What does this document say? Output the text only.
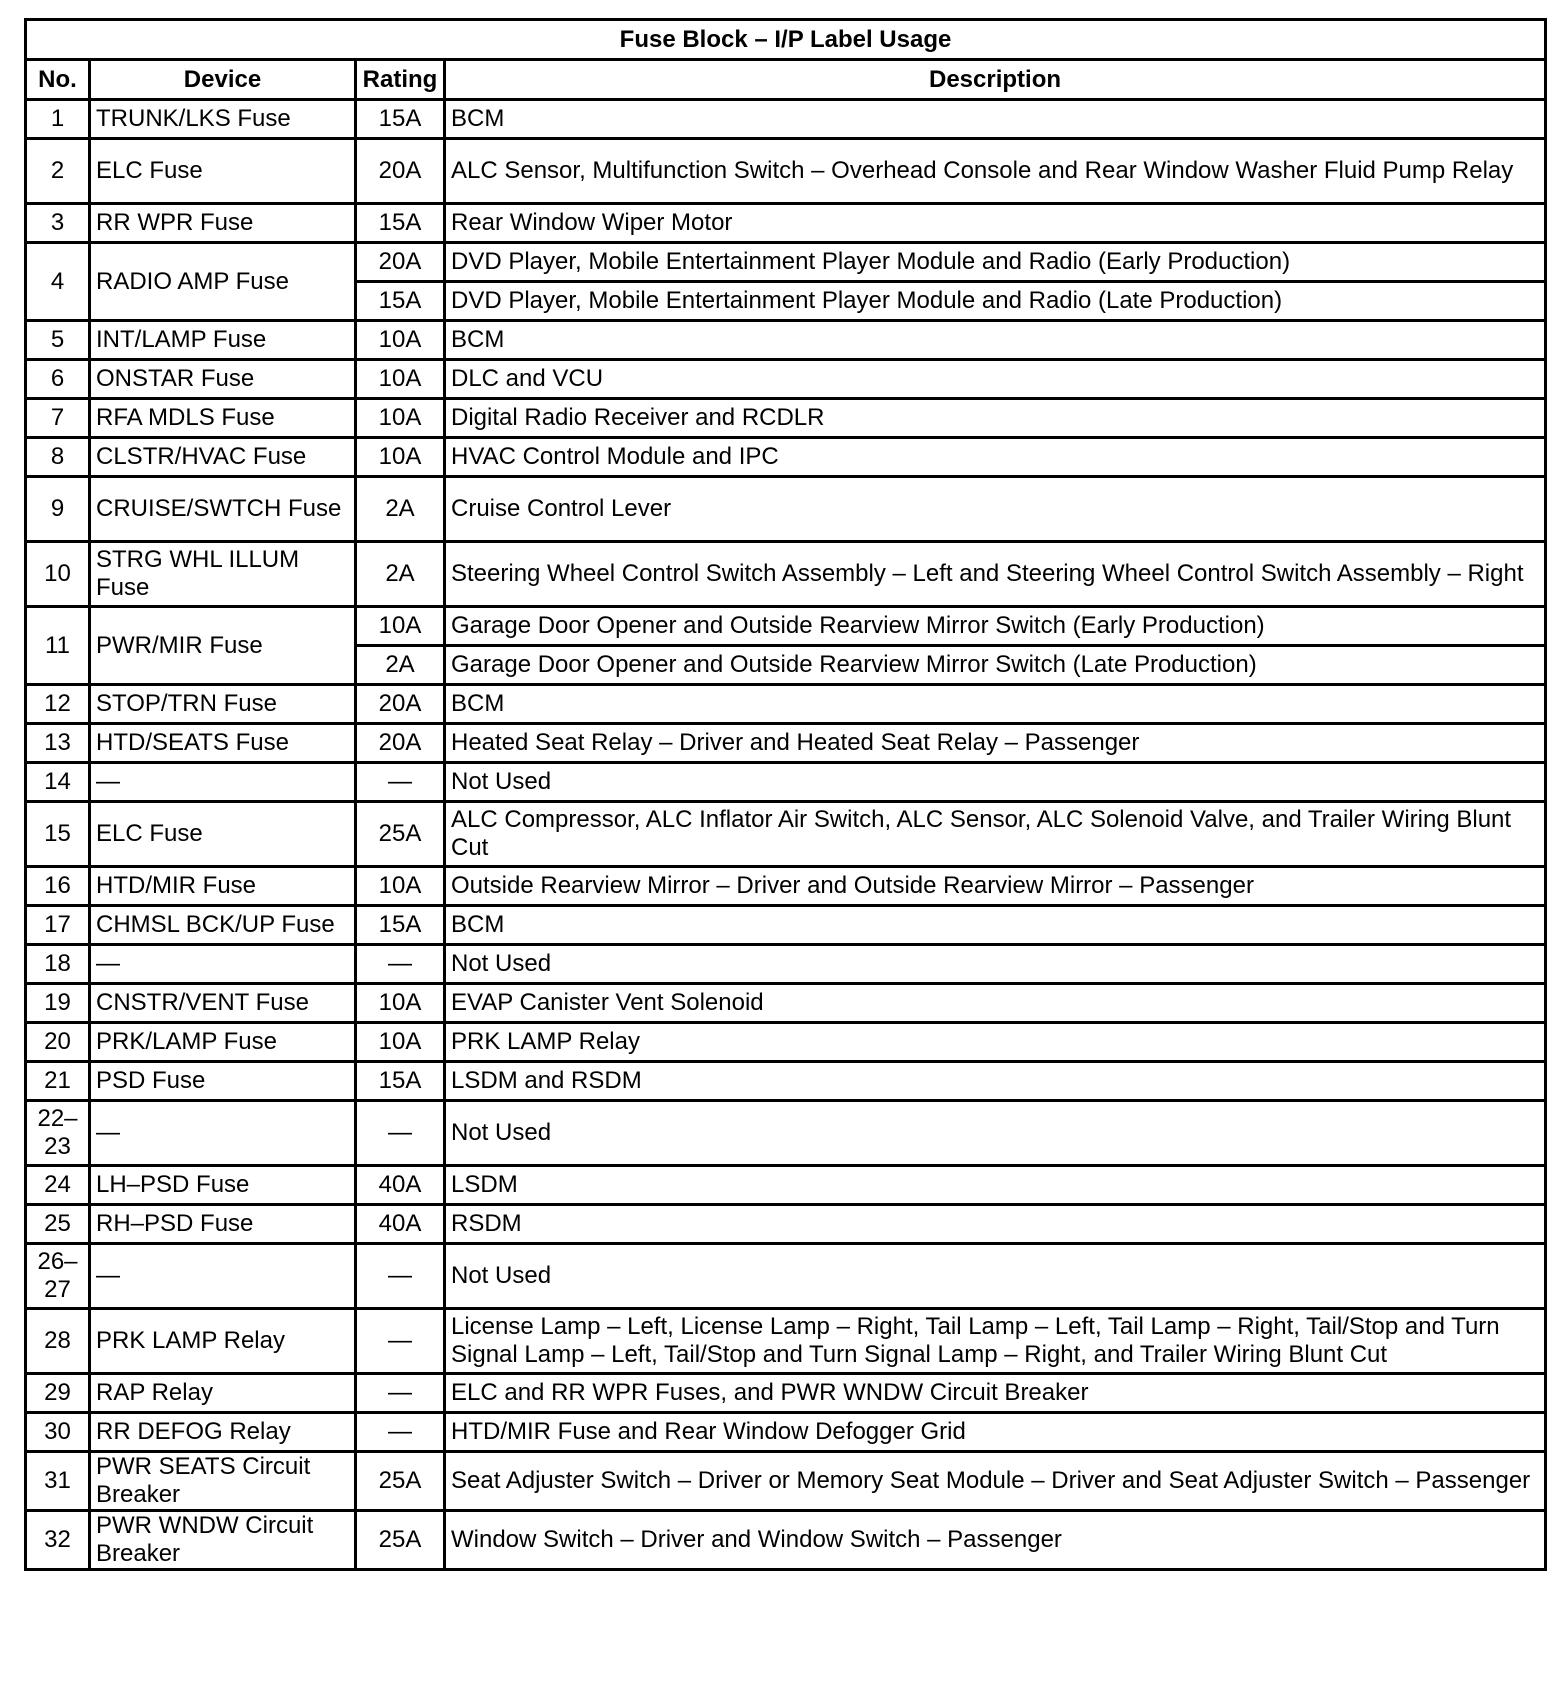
Fuse Block – I/P Label Usage			
No.	Device	Rating	Description
1	TRUNK/LKS Fuse	15A	BCM
2	ELC Fuse	20A	ALC Sensor, Multifunction Switch – Overhead Console and Rear Window Washer Fluid Pump Relay
3	RR WPR Fuse	15A	Rear Window Wiper Motor
4	RADIO AMP Fuse	20A	DVD Player, Mobile Entertainment Player Module and Radio (Early Production)
		15A	DVD Player, Mobile Entertainment Player Module and Radio (Late Production)
5	INT/LAMP Fuse	10A	BCM
6	ONSTAR Fuse	10A	DLC and VCU
7	RFA MDLS Fuse	10A	Digital Radio Receiver and RCDLR
8	CLSTR/HVAC Fuse	10A	HVAC Control Module and IPC
9	CRUISE/SWTCH Fuse	2A	Cruise Control Lever
10	STRG WHL ILLUM Fuse	2A	Steering Wheel Control Switch Assembly – Left and Steering Wheel Control Switch Assembly – Right
11	PWR/MIR Fuse	10A	Garage Door Opener and Outside Rearview Mirror Switch (Early Production)
		2A	Garage Door Opener and Outside Rearview Mirror Switch (Late Production)
12	STOP/TRN Fuse	20A	BCM
13	HTD/SEATS Fuse	20A	Heated Seat Relay – Driver and Heated Seat Relay – Passenger
14	—	—	Not Used
15	ELC Fuse	25A	ALC Compressor, ALC Inflator Air Switch, ALC Sensor, ALC Solenoid Valve, and Trailer Wiring Blunt Cut
16	HTD/MIR Fuse	10A	Outside Rearview Mirror – Driver and Outside Rearview Mirror – Passenger
17	CHMSL BCK/UP Fuse	15A	BCM
18	—	—	Not Used
19	CNSTR/VENT Fuse	10A	EVAP Canister Vent Solenoid
20	PRK/LAMP Fuse	10A	PRK LAMP Relay
21	PSD Fuse	15A	LSDM and RSDM
22–23	—	—	Not Used
24	LH–PSD Fuse	40A	LSDM
25	RH–PSD Fuse	40A	RSDM
26–27	—	—	Not Used
28	PRK LAMP Relay	—	License Lamp – Left, License Lamp – Right, Tail Lamp – Left, Tail Lamp – Right, Tail/Stop and Turn Signal Lamp – Left, Tail/Stop and Turn Signal Lamp – Right, and Trailer Wiring Blunt Cut
29	RAP Relay	—	ELC and RR WPR Fuses, and PWR WNDW Circuit Breaker
30	RR DEFOG Relay	—	HTD/MIR Fuse and Rear Window Defogger Grid
31	PWR SEATS Circuit Breaker	25A	Seat Adjuster Switch – Driver or Memory Seat Module – Driver and Seat Adjuster Switch – Passenger
32	PWR WNDW Circuit Breaker	25A	Window Switch – Driver and Window Switch – Passenger
